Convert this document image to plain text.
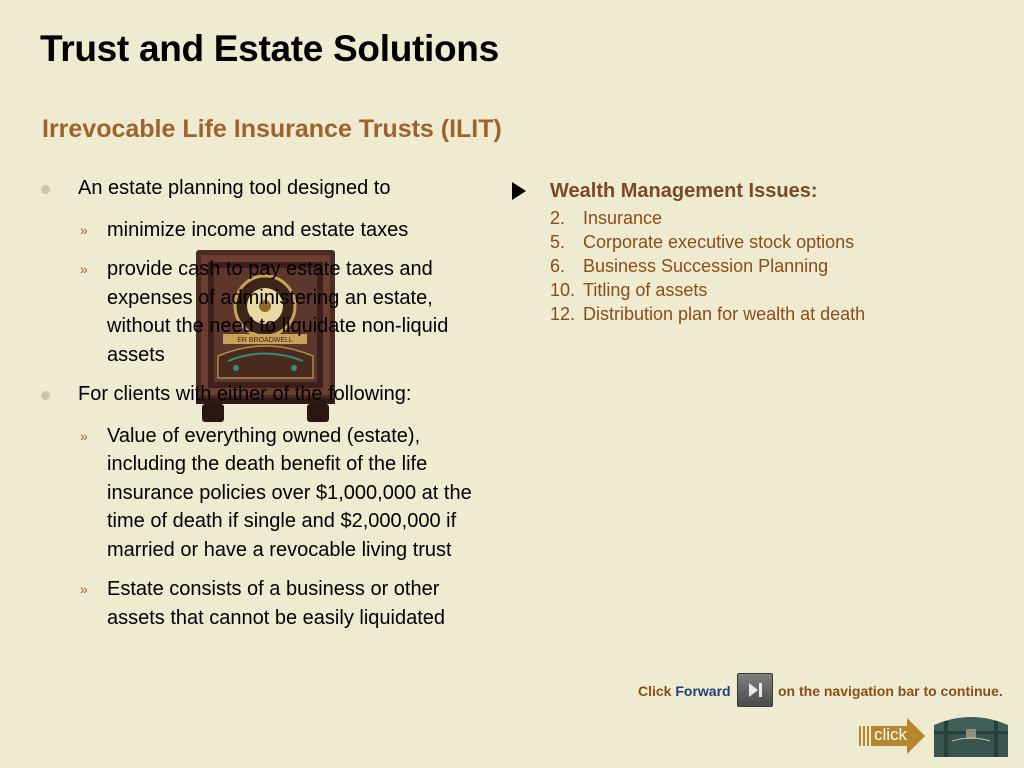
Trust and Estate Solutions
Irrevocable Life Insurance Trusts (ILIT)
ER BROADWELL
An estate planning tool designed to
» minimize income and estate taxes
» provide cash to pay estate taxes and expenses of administering an estate, without the need to liquidate non-liquid assets
For clients with either of the following:
» Value of everything owned (estate), including the death benefit of the life insurance policies over $1,000,000 at the time of death if single and $2,000,000 if married or have a revocable living trust
» Estate consists of a business or other assets that cannot be easily liquidated
Wealth Management Issues:
2. Insurance
5. Corporate executive stock options
6. Business Succession Planning
10. Titling of assets
12. Distribution plan for wealth at death
Click Forward	on the navigation bar to continue.
click
